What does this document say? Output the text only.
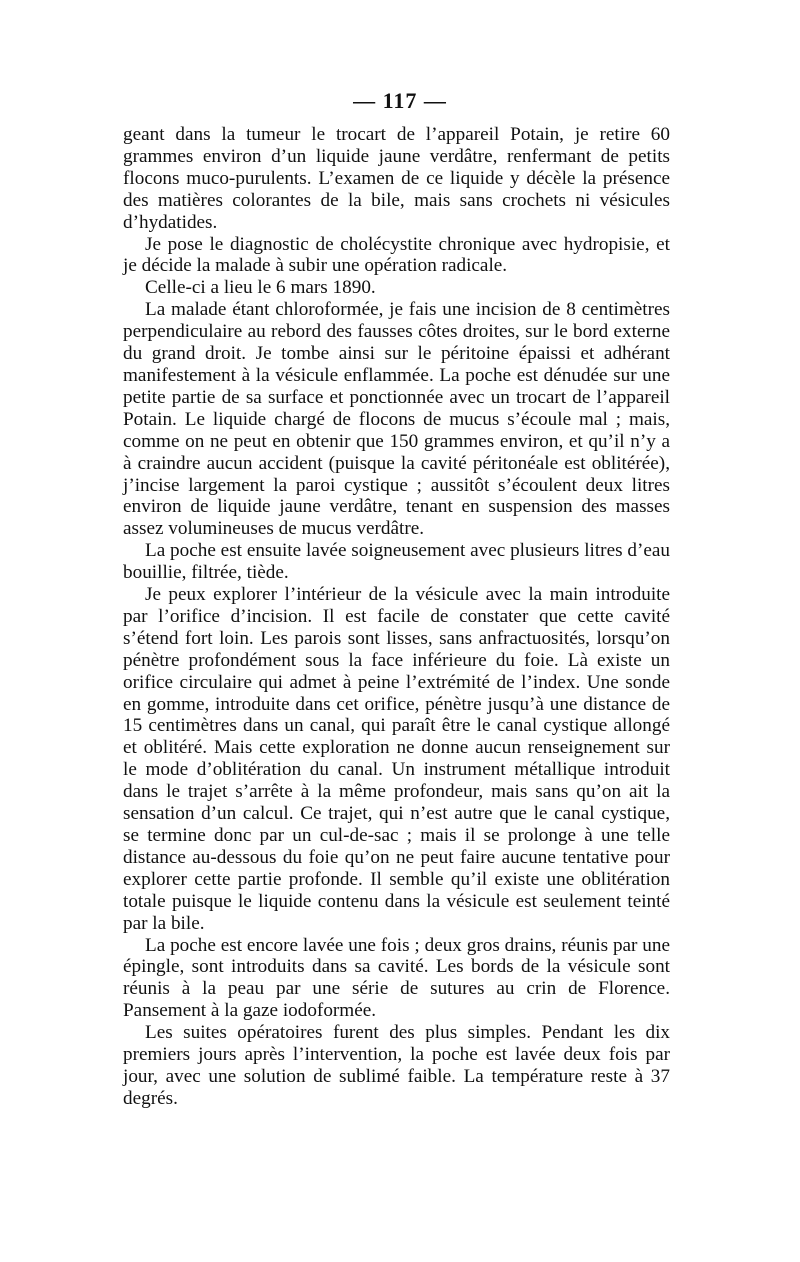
— 117 —

geant dans la tumeur le trocart de l’appareil Potain, je retire 60 grammes environ d’un liquide jaune verdâtre, renfermant de petits flocons muco-purulents. L’examen de ce liquide y décèle la présence des matières colorantes de la bile, mais sans crochets ni vésicules d’hydatides.

Je pose le diagnostic de cholécystite chronique avec hydropisie, et je décide la malade à subir une opération radicale.

Celle-ci a lieu le 6 mars 1890.

La malade étant chloroformée, je fais une incision de 8 centimètres perpendiculaire au rebord des fausses côtes droites, sur le bord externe du grand droit. Je tombe ainsi sur le péritoine épaissi et adhérant manifestement à la vésicule enflammée. La poche est dénudée sur une petite partie de sa surface et ponctionnée avec un trocart de l’appareil Potain. Le liquide chargé de flocons de mucus s’écoule mal ; mais, comme on ne peut en obtenir que 150 grammes environ, et qu’il n’y a à craindre aucun accident (puisque la cavité péritonéale est oblitérée), j’incise largement la paroi cystique ; aussitôt s’écoulent deux litres environ de liquide jaune verdâtre, tenant en suspension des masses assez volumineuses de mucus verdâtre.

La poche est ensuite lavée soigneusement avec plusieurs litres d’eau bouillie, filtrée, tiède.

Je peux explorer l’intérieur de la vésicule avec la main introduite par l’orifice d’incision. Il est facile de constater que cette cavité s’étend fort loin. Les parois sont lisses, sans anfractuosités, lorsqu’on pénètre profondément sous la face inférieure du foie. Là existe un orifice circulaire qui admet à peine l’extrémité de l’index. Une sonde en gomme, introduite dans cet orifice, pénètre jusqu’à une distance de 15 centimètres dans un canal, qui paraît être le canal cystique allongé et oblitéré. Mais cette exploration ne donne aucun renseignement sur le mode d’oblitération du canal. Un instrument métallique introduit dans le trajet s’arrête à la même profondeur, mais sans qu’on ait la sensation d’un calcul. Ce trajet, qui n’est autre que le canal cystique, se termine donc par un cul-de-sac ; mais il se prolonge à une telle distance au-dessous du foie qu’on ne peut faire aucune tentative pour explorer cette partie profonde. Il semble qu’il existe une oblitération totale puisque le liquide contenu dans la vésicule est seulement teinté par la bile.

La poche est encore lavée une fois ; deux gros drains, réunis par une épingle, sont introduits dans sa cavité. Les bords de la vésicule sont réunis à la peau par une série de sutures au crin de Florence. Pansement à la gaze iodoformée.

Les suites opératoires furent des plus simples. Pendant les dix premiers jours après l’intervention, la poche est lavée deux fois par jour, avec une solution de sublimé faible. La température reste à 37 degrés.
